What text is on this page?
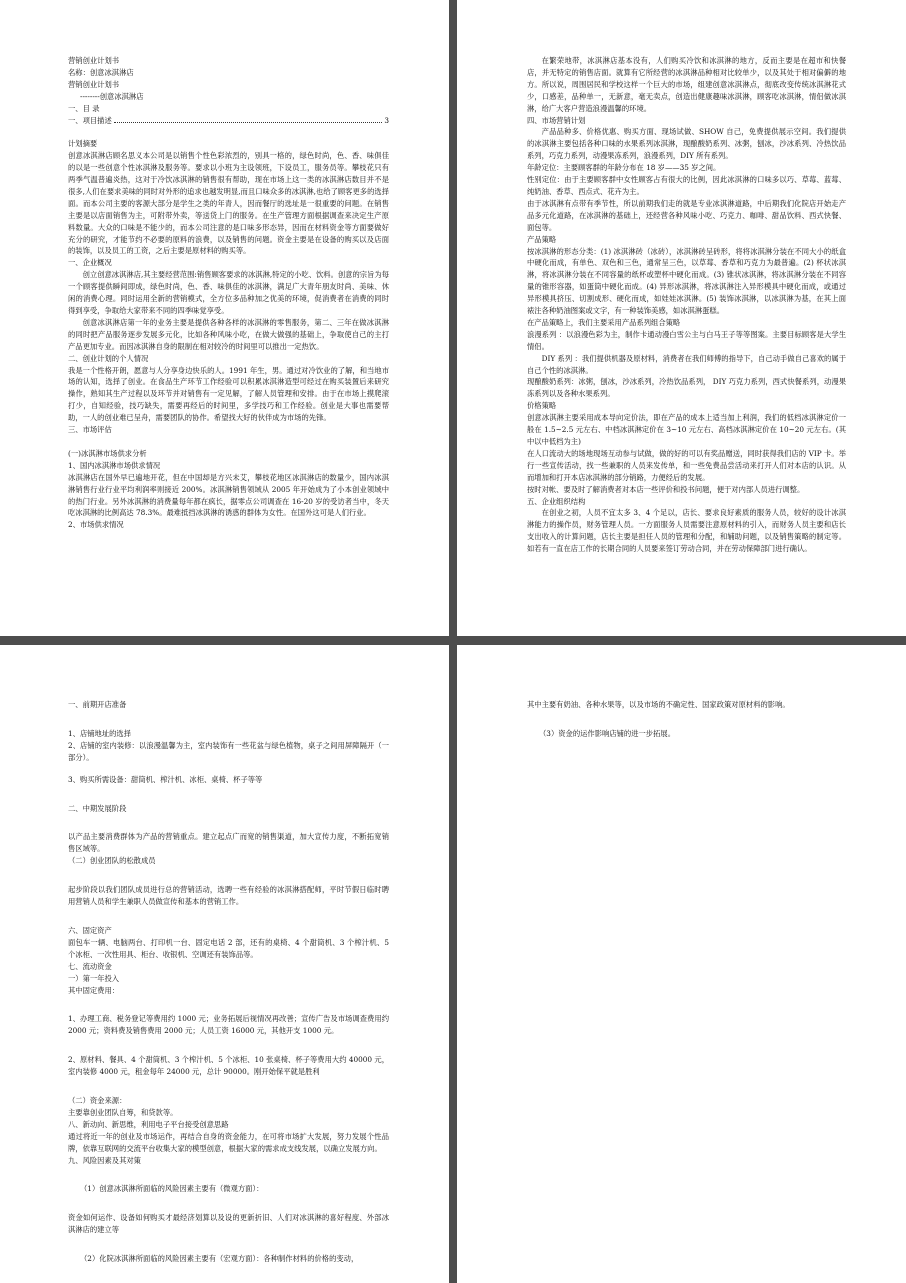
营销创业计划书
名称：创意冰淇淋店
营销创业计划书
--------创意冰淇淋店
一、目 录
一、项目描述	3
计划摘要
创意冰淇淋店顾名思义本公司是以销售个性色彩浓烈的，别具一格的，绿色时尚，色、香、味俱佳的以是一些创意个性冰淇淋及服务等。要求以小班为主设领班，下设员工，服务员等。攀枝花只有两季气温普遍炎热，这对于冷饮冰淇淋的销售很有帮助，现在市场上这一类的冰淇淋店数目并不是很多,人们在要求美味的同时对外形的追求也越发明显,而且口味众多的冰淇淋,也给了顾客更多的选择面。而本公司主要的客源大部分是学生之类的年青人，因而餐厅的选址是一很重要的问题。在销售主要是以店面销售为主，可附带外卖，等送货上门的服务。在生产管理方面根据调查来决定生产原料数量。大众的口味是不能少的，而本公司注意的是口味多形态异，因而在材料资金等方面要做好充分的研究，才能节约不必要的原料的浪费，以及销售的问题。资金主要是在设备的购买以及店面的装饰，以及员工的工资，之后主要是原材料的购买等。
一、企业概况
创立创意冰淇淋店,其主要经营范围:销售顾客要求的冰淇淋,特定的小吃、饮料。创意的宗旨为每一个顾客提供瞬间即成，绿色时尚，色、香、味俱佳的冰淇淋，满足广大青年朋友时尚、美味、休闲的消费心理。同时运用全新的营销模式，全方位多品种加之优美的环境，促消费者在消费的同时得到享受，争取给大家带来不同的四季味觉享受。
创意冰淇淋店第一年的业务主要是提供各种各样的冰淇淋的零售服务，第二、三年在做冰淇淋的同时把产品服务逐步发展多元化，比如各种风味小吃，在做大做强的基础上，争取使自己的主打产品更加专业。而因冰淇淋自身的限制在相对较冷的时间里可以推出一定热饮。
二、创业计划的个人情况
我是一个性格开朗，愿意与人分享身边快乐的人。1991 年生，男。通过对冷饮业的了解，和当地市场的认知，选择了创业。在食品生产环节工作经验可以积累冰淇淋造型可经过在购买装置后来研究操作，熟知其生产过程以及环节并对销售有一定见解，了解人员管理和安排。由于在市场上摸爬滚打少，自知经验，技巧缺失，需要再经后的时间里，多学技巧和工作经验。创业是大事也需要帮助，一人的创业难已呈舟，需要团队的协作。希望找大好的伙伴成为市场的先锋。
三、市场评估
(一)冰淇淋市场供求分析
1、国内冰淇淋市场供求情况
冰淇淋店在国外早已遍地开花，但在中国却是方兴未艾，攀枝花地区冰淇淋店的数量少，国内冰淇淋销售行业行业平均利润率则接近 200%。冰淇淋销售领域从 2005 年开始成为了小本创业领域中的热门行业。另外冰淇淋的消费量每年都在疯长，据零点公司调查在 16-20 岁的受访者当中，冬天吃冰淇淋的比例高达 78.3%。最难抵挡冰淇淋的诱惑的群体为女性。在国外这可是人们行业。
2、市场供求情况
在繁荣地带，冰淇淋店基本没有，人们购买冷饮和冰淇淋的地方，反而主要是在超市和快餐店，并无特定的销售店面。就算有它所经营的冰淇淋品种相对比较单少，以及其处于相对偏僻的地方。所以说，周围居民和学校这样一个巨大的市场，组建创意冰淇淋点，彻底改变传统冰淇淋花式少，口感差，品种单一，无新意，毫无卖点，创造出健康趣味冰淇淋，顾客吃冰淇淋，情侣做冰淇淋，给广大客户营造浪漫温馨的环境。
四、市场营销计划
产品品种多、价格优惠、购买方面、现场试做、SHOW 自己，免费提供展示空间。我们提供的冰淇淋主要包括各种口味的水果系列冰淇淋，现酿酸奶系列、冰粥，刨冰，沙冰系列、冷热饮品系列，巧克力系列，动漫果冻系列，浪漫系列，DIY 所有系列。
年龄定位：主要顾客群的年龄分布在 18 岁——35 岁之间。
性别定位：由于主要顾客群中女性顾客占有很大的比例，因此冰淇淋的口味多以巧、草莓、蓝莓、纯奶油、香草、西点式、花卉为主。
由于冰淇淋有点带有季节性，所以前期我们走的就是专业冰淇淋道路，中后期我们化院店开始走产品多元化道路，在冰淇淋的基础上，还经营各种风味小吃、巧克力、咖啡、甜品饮料、西式快餐、面包等。
产品策略
按冰淇淋的形态分类：(1) 冰淇淋砖（冰砖），冰淇淋砖呈砖形，将将冰淇淋分装在不同大小的纸盒中硬化而成，有单色、双色和三色，通常呈三色，以草莓、香草和巧克力为最普遍。(2) 杯状冰淇淋，将冰淇淋分装在不同容量的纸杯或塑杯中硬化而成。(3) 锥状冰淇淋，将冰淇淋分装在不同容量的锥形容器，如蛋筒中硬化而成。(4) 异形冰淇淋，将冰淇淋注入异形模具中硬化而成，或通过异形模具挤压、切割成形、硬化而成，如娃娃冰淇淋。(5) 装饰冰淇淋，以冰淇淋为基，在其上面裱注各种奶油图案或文字，有一种装饰美感，如冰淇淋蛋糕。
在产品策略上，我们主要采用产品系列组合策略
浪漫系列 ：以浪漫色彩为主，制作卡通动漫白雪公主与白马王子等等图案。主要目标顾客是大学生情侣。
DIY 系列 ：我们提供机器及原材料，消费者在我们师傅的指导下，自己动手做自己喜欢的属于自己个性的冰淇淋。
现酿酸奶系列：冰粥，刨冰，沙冰系列，冷热饮品系列， DIY 巧克力系列，西式快餐系列，动漫果冻系列以及各种水果系列。
价格策略
创意冰淇淋主要采用成本导向定价法，即在产品的成本上适当加上利润，我们的低档冰淇淋定价一般在 1.5~2.5 元左右、中档冰淇淋定价在 3~10 元左右、高档冰淇淋定价在 10~20 元左右。(其中以中低档为主)
在人口流动大的场地现场互动参与试做，做的好的可以有奖品赠送，同时获得我们店的 VIP 卡。举行一些宣传活动，找一些兼职的人员来发传单，和一些免费品尝活动来打开人们对本店的认识。从而增加和打开本店冰淇淋的部分销路，力便经后的发展。
按时对帐、要及时了解消费者对本店一些评价和投书问题，便于对内部人员进行调整。
五、企业组织结构
在创业之初，人员不宜太多 3、4 个足以，店长、要求良好素质的服务人员，较好的设计冰淇淋能力的操作员，财务管理人员。一方面服务人员需要注意原材料的引入，而财务人员主要和店长支出收入的计算问题，店长主要是担任人员的管理和分配，和辅助问题，以及销售策略的制定等。如若有一直在店工作的长期合同的人员要来签订劳动合同，并在劳动保障部门进行确认。
一、前期开店准备
1、店铺地址的选择
2、店铺的室内装修：以浪漫温馨为主，室内装饰有一些花盆与绿色植物，桌子之间用屏障隔开（一部分）。
3、购买所需设备：甜筒机、榨汁机、冰柜、桌椅、杯子等等
二、中期发展阶段
以产品主要消费群体为产品的营销重点。建立起点广而宽的销售渠道，加大宣传力度，不断拓宽销售区域等。
（二）创业团队的松散成员
起步阶段以我们团队成员进行总的营销活动，选聘一些有经验的冰淇淋搭配师，平时节假日临时聘用营销人员和学生兼职人员做宣传和基本的营销工作。
六、固定资产
面包车一辆、电脑两台、打印机一台、固定电话 2 部，还有的桌椅、4 个甜筒机、3 个榨汁机、5 个冰柜、一次性用具、柜台、收银机、空调还有装饰品等。
七、流动资金
一）第一年投入
其中固定费用：
1、办理工商、税务登记等费用约 1000 元；业务拓展后视情况再改善；宣传广告及市场调查费用约 2000 元；资料费及销售费用 2000 元；人员工资 16000 元，其他开支 1000 元。
2、原材料、餐具、4 个甜筒机、3 个榨汁机、5 个冰柜、10 张桌椅、杯子等费用大约 40000 元，室内装修 4000 元，租金每年 24000 元，总计 90000。刚开始保平就是胜利
（二）资金来源：
主要靠创业团队自筹，和贷款等。
八、新动向、新思维，利用电子平台接受创意思路
通过将近一年的创业及市场运作，再结合自身的资金能力，在可将市场扩大发展，努力发展个性品牌，依靠互联网的交流平台收集大家的模型创意，根据大家的需求成支线发展，以确立发展方向。
九、风险因素及其对策
（1）创意冰淇淋所面临的风险因素主要有（微观方面）：
资金如何运作、设备如何购买才最经济划算以及设的更新折旧、人们对冰淇淋的喜好程度、外部冰淇淋店的建立等
（2）化院冰淇淋所面临的风险因素主要有（宏观方面）：各种制作材料的价格的变动，
其中主要有奶油、各种水果等，以及市场的不确定性、国家政策对原材料的影响。
（3）资金的运作影响店铺的进一步拓展。
